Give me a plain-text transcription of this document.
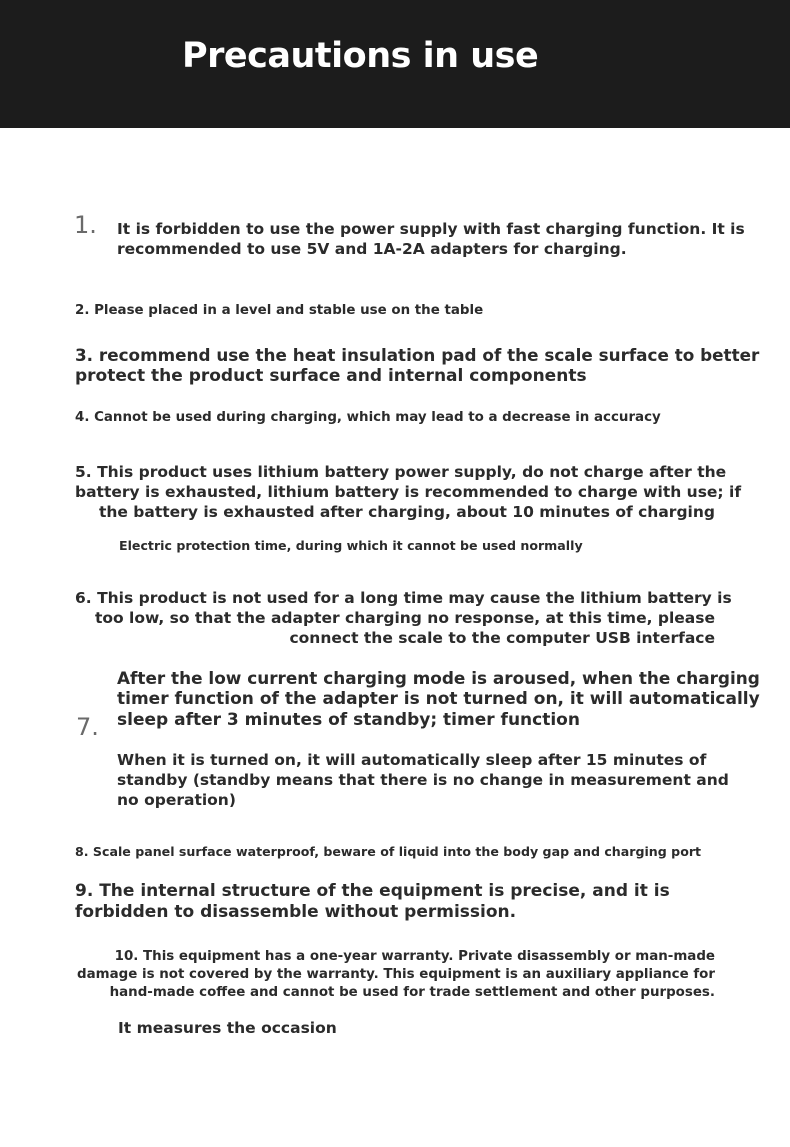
Precautions in use
1. It is forbidden to use the power supply with fast charging function. It is
recommended to use 5V and 1A-2A adapters for charging.
2. Please placed in a level and stable use on the table
3. recommend use the heat insulation pad of the scale surface to better
protect the product surface and internal components
4. Cannot be used during charging, which may lead to a decrease in accuracy
5. This product uses lithium battery power supply, do not charge after the
battery is exhausted, lithium battery is recommended to charge with use; if
the battery is exhausted after charging, about 10 minutes of charging
Electric protection time, during which it cannot be used normally
6. This product is not used for a long time may cause the lithium battery is
too low, so that the adapter charging no response, at this time, please
connect the scale to the computer USB interface
7.
After the low current charging mode is aroused, when the charging
timer function of the adapter is not turned on, it will automatically
sleep after 3 minutes of standby; timer function
When it is turned on, it will automatically sleep after 15 minutes of
standby (standby means that there is no change in measurement and
no operation)
8. Scale panel surface waterproof, beware of liquid into the body gap and charging port
9. The internal structure of the equipment is precise, and it is
forbidden to disassemble without permission.
10. This equipment has a one-year warranty. Private disassembly or man-made
damage is not covered by the warranty. This equipment is an auxiliary appliance for
hand-made coffee and cannot be used for trade settlement and other purposes.
It measures the occasion
